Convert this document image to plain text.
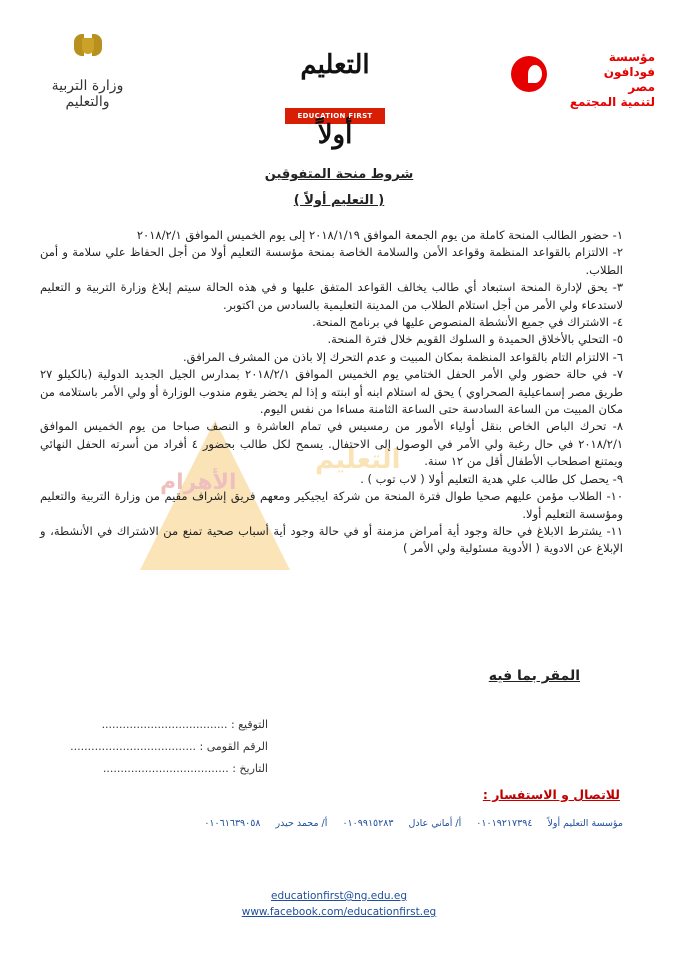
وزارة التربية والتعليم
التعليم أولاً
EDUCATION FIRST
مؤسسة فودافون
مصر
لتنمية المجتمع
شروط منحة المتفوقين
( التعليم أولاً )
الأهرام
التعليم

١- حضور الطالب المنحة كاملة من يوم الجمعة الموافق ٢٠١٨/١/١٩ إلى يوم الخميس الموافق ٢٠١٨/٢/١

٢- الالتزام بالقواعد المنظمة وقواعد الأمن والسلامة الخاصة بمنحة مؤسسة التعليم أولا من أجل الحفاظ علي سلامة و أمن الطلاب.

٣- يحق لإدارة المنحة استبعاد أي طالب يخالف القواعد المتفق عليها و في هذه الحالة سيتم إبلاغ وزارة التربية و التعليم لاستدعاء ولي الأمر من أجل استلام الطلاب من المدينة التعليمية بالسادس من اكتوبر.

٤- الاشتراك في جميع الأنشطة المنصوص عليها في برنامج المنحة.

٥- التحلي بالأخلاق الحميدة و السلوك القويم خلال فترة المنحة.

٦- الالتزام التام بالقواعد المنظمة بمكان المبيت و عدم التحرك إلا باذن من المشرف المرافق.

٧- في حالة حضور ولي الأمر الحفل الختامي يوم الخميس الموافق ٢٠١٨/٢/١ بمدارس الجيل الجديد الدولية (بالكيلو ٢٧ طريق مصر إسماعيلية الصحراوي ) يحق له استلام ابنه أو ابنته و إذا لم يحضر يقوم مندوب الوزارة أو ولي الأمر باستلامه من مكان المبيت من الساعة السادسة حتى الساعة الثامنة مساءا من نفس اليوم.

٨- تحرك الباص الخاص بنقل أولياء الأمور من رمسيس في تمام العاشرة و النصف صباحا من يوم الخميس الموافق ٢٠١٨/٢/١ في حال رغبة ولي الأمر في الوصول إلى الاحتفال. يسمح لكل طالب بحضور ٤ أفراد من أسرته الحفل النهائي ويمتنع اصطحاب الأطفال أقل من ١٢ سنة.

٩- يحصل كل طالب علي هدية التعليم أولا ( لاب توب ) .

١٠- الطلاب مؤمن عليهم صحيا طوال فترة المنحة من شركة ايجيكير ومعهم فريق إشراف مقيم من وزارة التربية والتعليم ومؤسسة التعليم أولا.

١١- يشترط الابلاغ في حالة وجود أية أمراض مزمنة أو في حالة وجود أية أسباب صحية تمنع من الاشتراك في الأنشطة، و الإبلاغ عن الادوية ( الأدوية مسئولية ولي الأمر )

المقر بما فيه
التوقيع : ....................................
الرقم القومى : ....................................
التاريخ : ....................................
للاتصال و الاستفسار :
مؤسسة التعليم أولاً ٠١٠١٩٢١٧٣٩٤ أ/ أماني عادل ٠١٠٩٩١٥٢٨٣ أ/ محمد حيدر ٠١٠٦١٦٣٩٠٥٨
educationfirst@ng.edu.eg
www.facebook.com/educationfirst.eg
